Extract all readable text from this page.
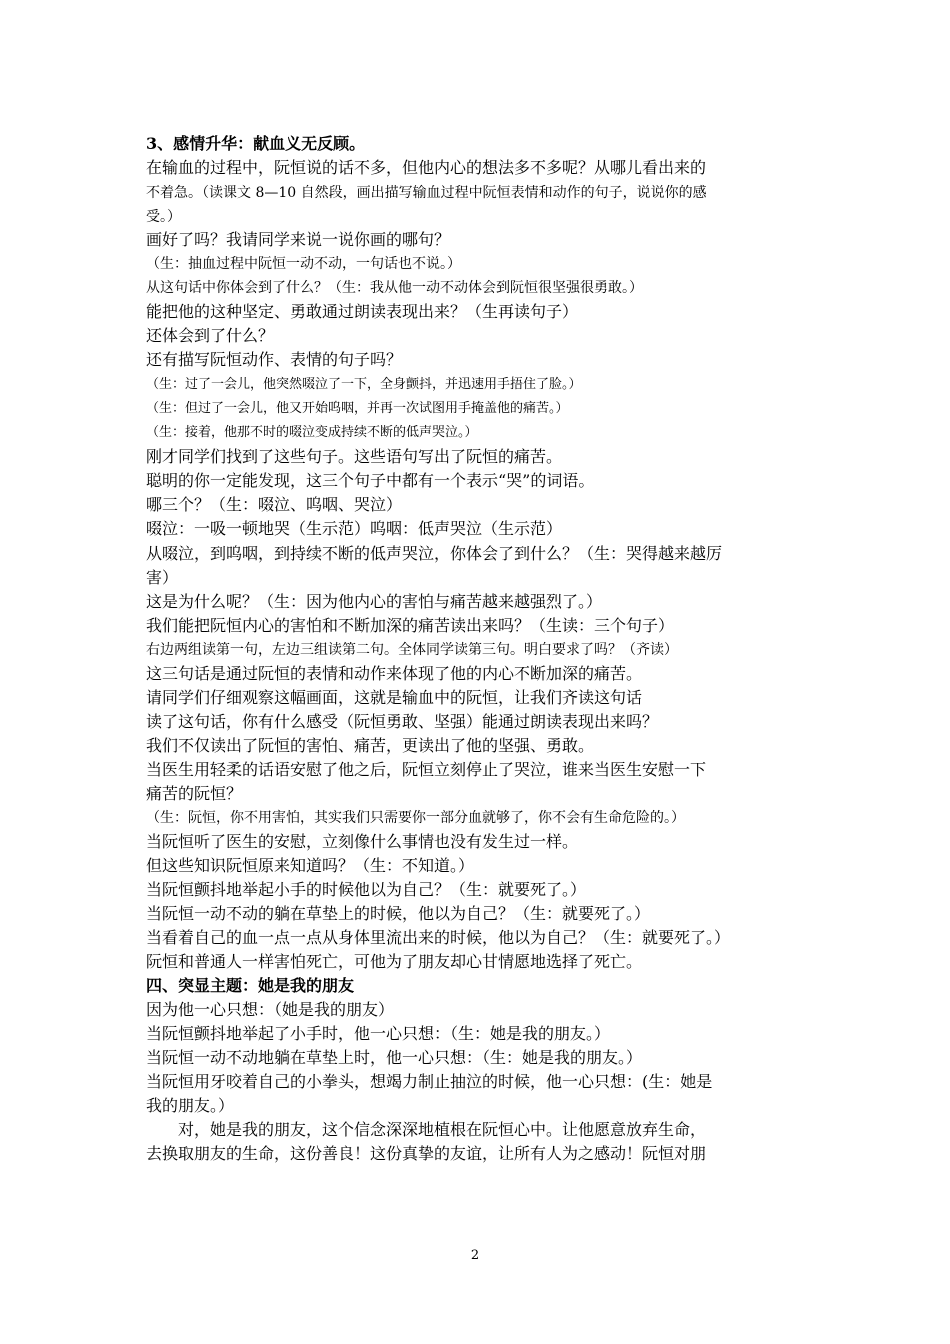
3、感情升华：献血义无反顾。
在输血的过程中，阮恒说的话不多，但他内心的想法多不多呢？从哪儿看出来的
不着急。（读课文 8—10 自然段，画出描写输血过程中阮恒表情和动作的句子，说说你的感
受。）
画好了吗？我请同学来说一说你画的哪句？
（生：抽血过程中阮恒一动不动，一句话也不说。）
从这句话中你体会到了什么？（生：我从他一动不动体会到阮恒很坚强很勇敢。）
能把他的这种坚定、勇敢通过朗读表现出来？（生再读句子）
还体会到了什么？
还有描写阮恒动作、表情的句子吗？
（生：过了一会儿，他突然啜泣了一下，全身颤抖，并迅速用手捂住了脸。）
（生：但过了一会儿，他又开始呜咽，并再一次试图用手掩盖他的痛苦。）
（生：接着，他那不时的啜泣变成持续不断的低声哭泣。）
刚才同学们找到了这些句子。这些语句写出了阮恒的痛苦。
聪明的你一定能发现，这三个句子中都有一个表示“哭”的词语。
哪三个？（生：啜泣、呜咽、哭泣）
啜泣：一吸一顿地哭（生示范）呜咽：低声哭泣（生示范）
从啜泣，到呜咽，到持续不断的低声哭泣，你体会了到什么？（生：哭得越来越厉
害）
这是为什么呢？（生：因为他内心的害怕与痛苦越来越强烈了。）
我们能把阮恒内心的害怕和不断加深的痛苦读出来吗？（生读：三个句子）
右边两组读第一句，左边三组读第二句。全体同学读第三句。明白要求了吗？（齐读）
这三句话是通过阮恒的表情和动作来体现了他的内心不断加深的痛苦。
请同学们仔细观察这幅画面，这就是输血中的阮恒，让我们齐读这句话
读了这句话，你有什么感受（阮恒勇敢、坚强）能通过朗读表现出来吗？
我们不仅读出了阮恒的害怕、痛苦，更读出了他的坚强、勇敢。
当医生用轻柔的话语安慰了他之后，阮恒立刻停止了哭泣，谁来当医生安慰一下
痛苦的阮恒？
（生：阮恒，你不用害怕，其实我们只需要你一部分血就够了，你不会有生命危险的。）
当阮恒听了医生的安慰，立刻像什么事情也没有发生过一样。
但这些知识阮恒原来知道吗？（生：不知道。）
当阮恒颤抖地举起小手的时候他以为自己？（生：就要死了。）
当阮恒一动不动的躺在草垫上的时候，他以为自己？（生：就要死了。）
当看着自己的血一点一点从身体里流出来的时候，他以为自己？（生：就要死了。）
阮恒和普通人一样害怕死亡，可他为了朋友却心甘情愿地选择了死亡。
四、突显主题：她是我的朋友
因为他一心只想：（她是我的朋友）
当阮恒颤抖地举起了小手时，他一心只想：（生：她是我的朋友。）
当阮恒一动不动地躺在草垫上时，他一心只想：（生：她是我的朋友。）
当阮恒用牙咬着自己的小拳头，想竭力制止抽泣的时候，他一心只想：(生：她是
我的朋友。）
　　对，她是我的朋友，这个信念深深地植根在阮恒心中。让他愿意放弃生命，
去换取朋友的生命，这份善良！这份真挚的友谊，让所有人为之感动！阮恒对朋
2
